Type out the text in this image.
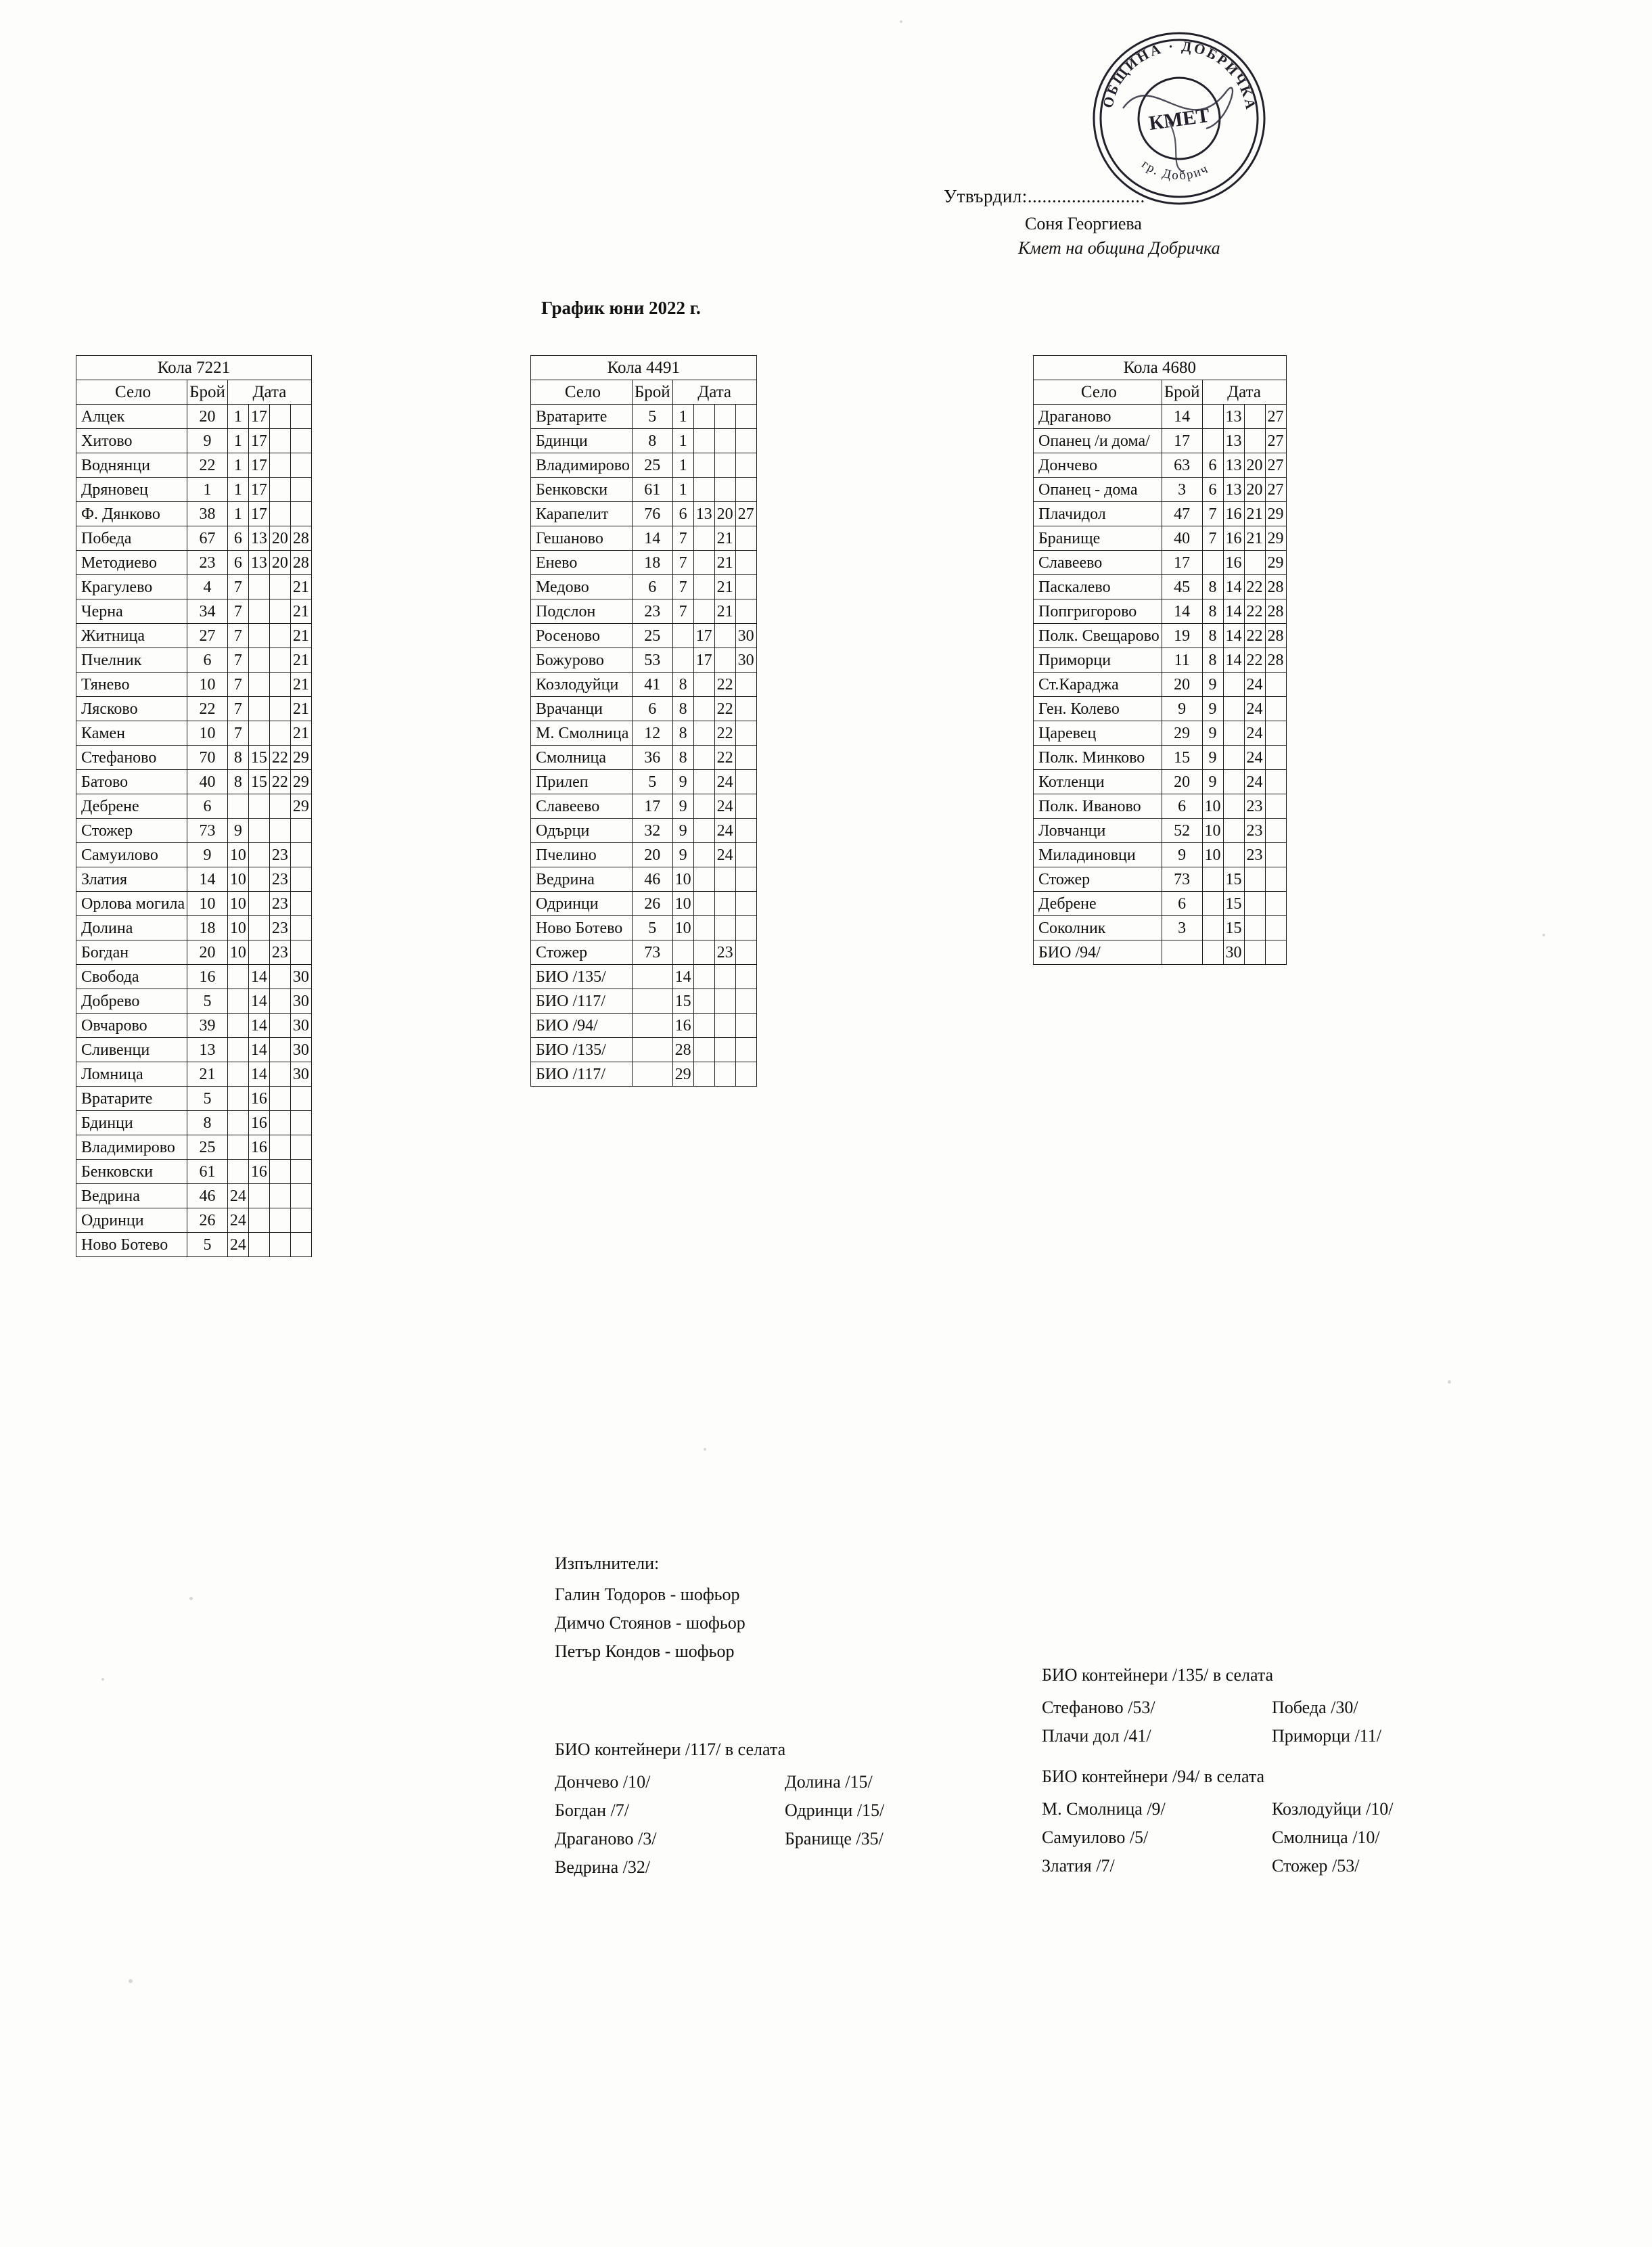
ОБЩИНА · ДОБРИЧКА
гр. Добрич
КМЕТ
Утвърдил:........................
Соня Георгиева
Кмет на община Добричка
График юни 2022 г.
Кола 7221					
Село	Брой	Дата			
Алцек	20	1	17		
Хитово	9	1	17		
Воднянци	22	1	17		
Дряновец	1	1	17		
Ф. Дянково	38	1	17		
Победа	67	6	13	20	28
Методиево	23	6	13	20	28
Крагулево	4	7			21
Черна	34	7			21
Житница	27	7			21
Пчелник	6	7			21
Тянево	10	7			21
Лясково	22	7			21
Камен	10	7			21
Стефаново	70	8	15	22	29
Батово	40	8	15	22	29
Дебрене	6				29
Стожер	73	9			
Самуилово	9	10		23	
Златия	14	10		23	
Орлова могила	10	10		23	
Долина	18	10		23	
Богдан	20	10		23	
Свобода	16		14		30
Добрево	5		14		30
Овчарово	39		14		30
Сливенци	13		14		30
Ломница	21		14		30
Вратарите	5		16		
Бдинци	8		16		
Владимирово	25		16		
Бенковски	61		16		
Ведрина	46	24			
Одринци	26	24			
Ново Ботево	5	24			
Кола 4491					
Село	Брой	Дата			
Вратарите	5	1			
Бдинци	8	1			
Владимирово	25	1			
Бенковски	61	1			
Карапелит	76	6	13	20	27
Гешаново	14	7		21	
Енево	18	7		21	
Медово	6	7		21	
Подслон	23	7		21	
Росеново	25		17		30
Божурово	53		17		30
Козлодуйци	41	8		22	
Врачанци	6	8		22	
М. Смолница	12	8		22	
Смолница	36	8		22	
Прилеп	5	9		24	
Славеево	17	9		24	
Одърци	32	9		24	
Пчелино	20	9		24	
Ведрина	46	10			
Одринци	26	10			
Ново Ботево	5	10			
Стожер	73			23	
БИО /135/		14			
БИО /117/		15			
БИО /94/		16			
БИО /135/		28			
БИО /117/		29			
Кола 4680					
Село	Брой	Дата			
Драганово	14		13		27
Опанец /и дома/	17		13		27
Дончево	63	6	13	20	27
Опанец - дома	3	6	13	20	27
Плачидол	47	7	16	21	29
Бранище	40	7	16	21	29
Славеево	17		16		29
Паскалево	45	8	14	22	28
Попгригорово	14	8	14	22	28
Полк. Свещарово	19	8	14	22	28
Приморци	11	8	14	22	28
Ст.Караджа	20	9		24	
Ген. Колево	9	9		24	
Царевец	29	9		24	
Полк. Минково	15	9		24	
Котленци	20	9		24	
Полк. Иваново	6	10		23	
Ловчанци	52	10		23	
Миладиновци	9	10		23	
Стожер	73		15		
Дебрене	6		15		
Соколник	3		15		
БИО /94/			30		
Изпълнители:
Галин Тодоров - шофьор
Димчо Стоянов - шофьор
Петър Кондов - шофьор
БИО контейнери /117/ в селата
Дончево /10/	Долина /15/
Богдан /7/	Одринци /15/
Драганово /3/	Бранище /35/
Ведрина /32/
БИО контейнери /135/ в селата
Стефаново /53/	Победа /30/
Плачи дол /41/	Приморци /11/
БИО контейнери /94/ в селата
М. Смолница /9/	Козлодуйци /10/
Самуилово /5/	Смолница /10/
Златия /7/	Стожер /53/
